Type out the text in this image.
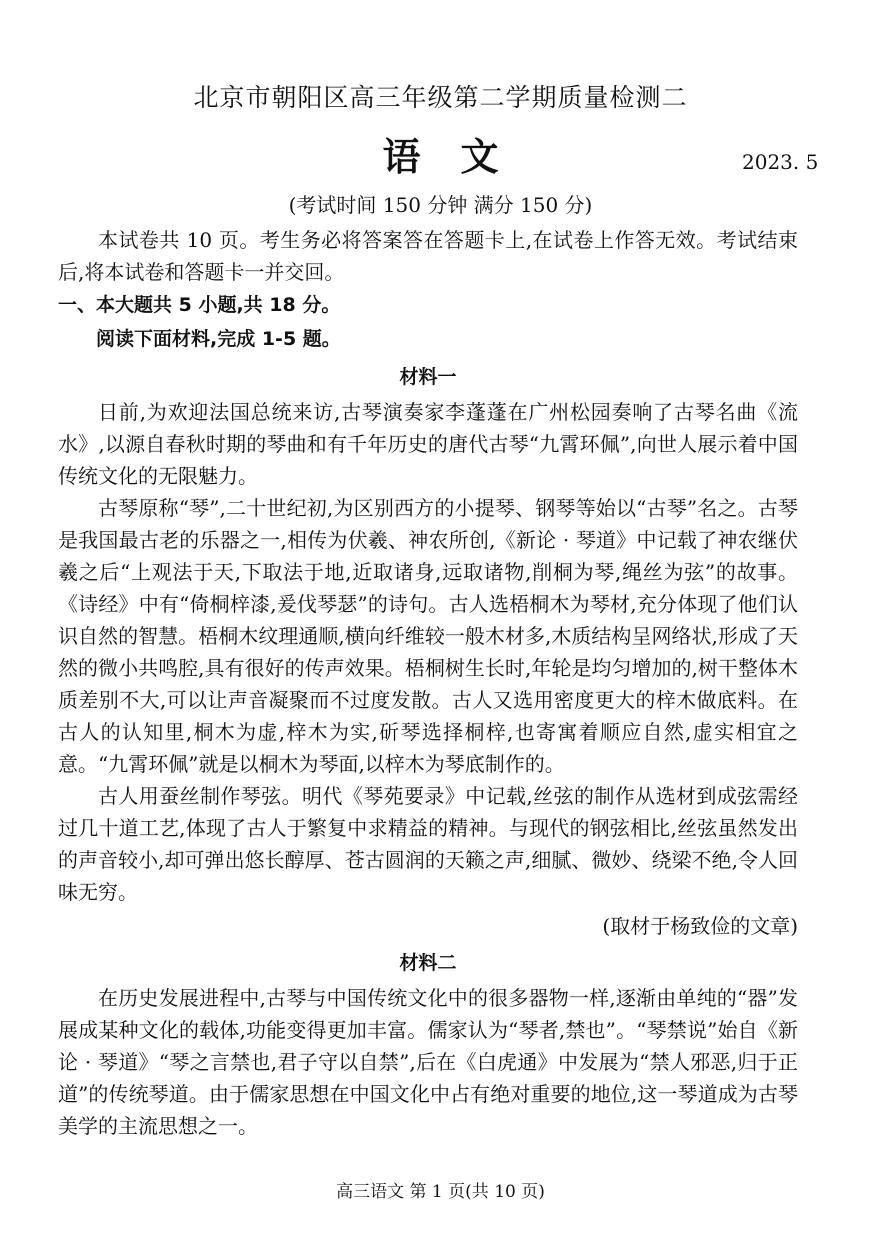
北京市朝阳区高三年级第二学期质量检测二
语文	2023. 5
(考试时间 150 分钟 满分 150 分)

本试卷共 10 页。考生务必将答案答在答题卡上,在试卷上作答无效。考试结束后,将本试卷和答题卡一并交回。

一、本大题共 5 小题,共 18 分。

阅读下面材料,完成 1-5 题。

材料一

日前,为欢迎法国总统来访,古琴演奏家李蓬蓬在广州松园奏响了古琴名曲《流水》,以源自春秋时期的琴曲和有千年历史的唐代古琴“九霄环佩”,向世人展示着中国传统文化的无限魅力。

古琴原称“琴”,二十世纪初,为区别西方的小提琴、钢琴等始以“古琴”名之。古琴是我国最古老的乐器之一,相传为伏羲、神农所创,《新论 · 琴道》中记载了神农继伏羲之后“上观法于天,下取法于地,近取诸身,远取诸物,削桐为琴,绳丝为弦”的故事。《诗经》中有“倚桐梓漆,爰伐琴瑟”的诗句。古人选梧桐木为琴材,充分体现了他们认识自然的智慧。梧桐木纹理通顺,横向纤维较一般木材多,木质结构呈网络状,形成了天然的微小共鸣腔,具有很好的传声效果。梧桐树生长时,年轮是均匀增加的,树干整体木质差别不大,可以让声音凝聚而不过度发散。古人又选用密度更大的梓木做底料。在古人的认知里,桐木为虚,梓木为实,斫琴选择桐梓,也寄寓着顺应自然,虚实相宜之意。“九霄环佩”就是以桐木为琴面,以梓木为琴底制作的。

古人用蚕丝制作琴弦。明代《琴苑要录》中记载,丝弦的制作从选材到成弦需经过几十道工艺,体现了古人于繁复中求精益的精神。与现代的钢弦相比,丝弦虽然发出的声音较小,却可弹出悠长醇厚、苍古圆润的天籁之声,细腻、微妙、绕梁不绝,令人回味无穷。

(取材于杨致俭的文章)

材料二

在历史发展进程中,古琴与中国传统文化中的很多器物一样,逐渐由单纯的“器”发展成某种文化的载体,功能变得更加丰富。儒家认为“琴者,禁也”。“琴禁说”始自《新论 · 琴道》“琴之言禁也,君子守以自禁”,后在《白虎通》中发展为“禁人邪恶,归于正道”的传统琴道。由于儒家思想在中国文化中占有绝对重要的地位,这一琴道成为古琴美学的主流思想之一。

高三语文 第 1 页(共 10 页)
